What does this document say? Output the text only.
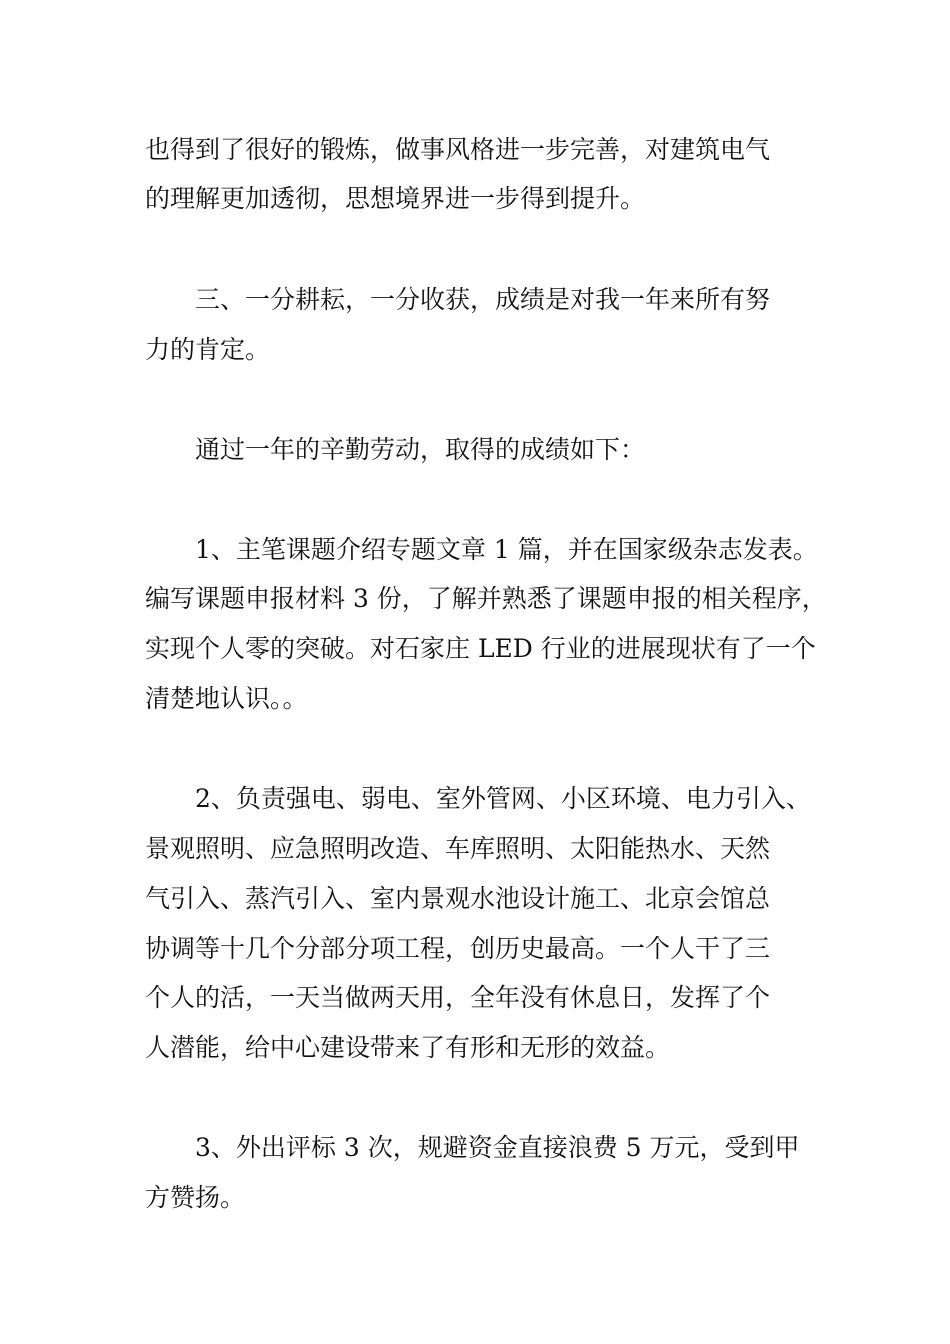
也得到了很好的锻炼，做事风格进一步完善，对建筑电气
的理解更加透彻，思想境界进一步得到提升。
三、一分耕耘，一分收获，成绩是对我一年来所有努
力的肯定。
通过一年的辛勤劳动，取得的成绩如下：
1、主笔课题介绍专题文章 1 篇，并在国家级杂志发表。
编写课题申报材料 3 份，了解并熟悉了课题申报的相关程序，
实现个人零的突破。对石家庄 LED 行业的进展现状有了一个
清楚地认识。。
2、负责强电、弱电、室外管网、小区环境、电力引入、
景观照明、应急照明改造、车库照明、太阳能热水、天然
气引入、蒸汽引入、室内景观水池设计施工、北京会馆总
协调等十几个分部分项工程，创历史最高。一个人干了三
个人的活，一天当做两天用，全年没有休息日，发挥了个
人潜能，给中心建设带来了有形和无形的效益。
3、外出评标 3 次，规避资金直接浪费 5 万元，受到甲
方赞扬。
